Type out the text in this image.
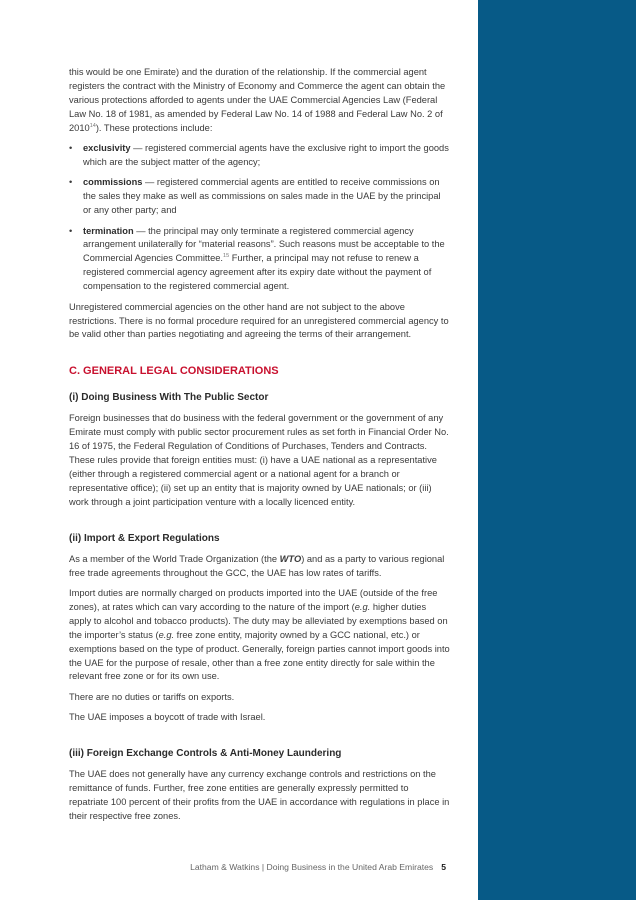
this would be one Emirate) and the duration of the relationship. If the commercial agent registers the contract with the Ministry of Economy and Commerce the agent can obtain the various protections afforded to agents under the UAE Commercial Agencies Law (Federal Law No. 18 of 1981, as amended by Federal Law No. 14 of 1988 and Federal Law No. 2 of 2010$^{14}$). These protections include:

• exclusivity — registered commercial agents have the exclusive right to import the goods which are the subject matter of the agency;
• commissions — registered commercial agents are entitled to receive commissions on the sales they make as well as commissions on sales made in the UAE by the principal or any other party; and
• termination — the principal may only terminate a registered commercial agency arrangement unilaterally for “material reasons”. Such reasons must be acceptable to the Commercial Agencies Committee.$^{15}$ Further, a principal may not refuse to renew a registered commercial agency agreement after its expiry date without the payment of compensation to the registered commercial agent.

Unregistered commercial agencies on the other hand are not subject to the above restrictions. There is no formal procedure required for an unregistered commercial agency to be valid other than parties negotiating and agreeing the terms of their arrangement.

C. GENERAL LEGAL CONSIDERATIONS
(i) Doing Business With The Public Sector

Foreign businesses that do business with the federal government or the government of any Emirate must comply with public sector procurement rules as set forth in Financial Order No. 16 of 1975, the Federal Regulation of Conditions of Purchases, Tenders and Contracts. These rules provide that foreign entities must: (i) have a UAE national as a representative (either through a registered commercial agent or a national agent for a branch or representative office); (ii) set up an entity that is majority owned by UAE nationals; or (iii) work through a joint participation venture with a locally licenced entity.

(ii) Import & Export Regulations

As a member of the World Trade Organization (the WTO) and as a party to various regional free trade agreements throughout the GCC, the UAE has low rates of tariffs.

Import duties are normally charged on products imported into the UAE (outside of the free zones), at rates which can vary according to the nature of the import (e.g. higher duties apply to alcohol and tobacco products). The duty may be alleviated by exemptions based on the importer’s status (e.g. free zone entity, majority owned by a GCC national, etc.) or exemptions based on the type of product. Generally, foreign parties cannot import goods into the UAE for the purpose of resale, other than a free zone entity directly for sale within the relevant free zone or for its own use.

There are no duties or tariffs on exports.

The UAE imposes a boycott of trade with Israel.

(iii) Foreign Exchange Controls & Anti-Money Laundering

The UAE does not generally have any currency exchange controls and restrictions on the remittance of funds. Further, free zone entities are generally expressly permitted to repatriate 100 percent of their profits from the UAE in accordance with regulations in place in their respective free zones.

Latham & Watkins | Doing Business in the United Arab Emirates 5
